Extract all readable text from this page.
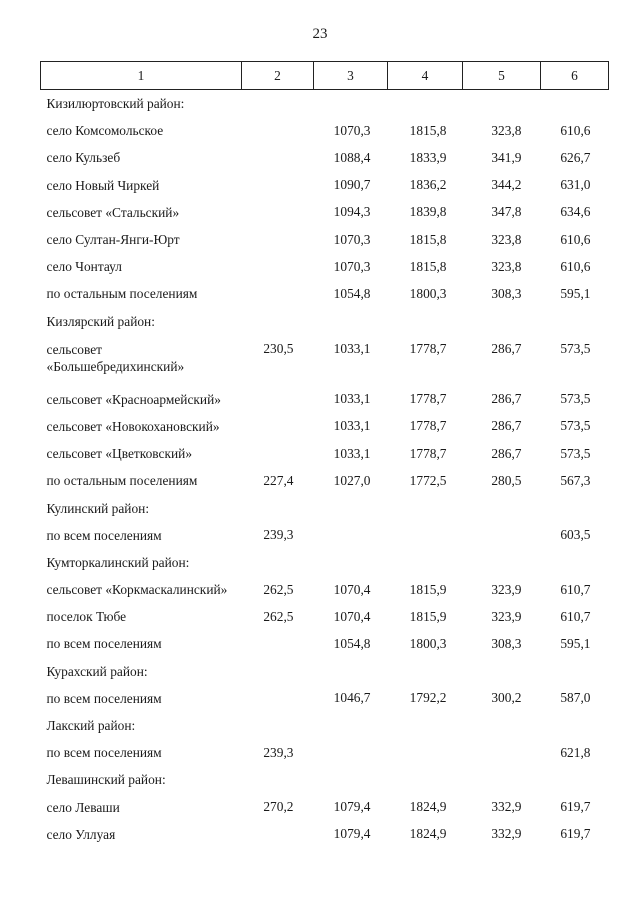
23
1	2	3	4	5	6
Кизилюртовский район:					
село Комсомольское		1070,3	1815,8	323,8	610,6
село Кульзеб		1088,4	1833,9	341,9	626,7
село Новый Чиркей		1090,7	1836,2	344,2	631,0
сельсовет «Стальский»		1094,3	1839,8	347,8	634,6
село Султан-Янги-Юрт		1070,3	1815,8	323,8	610,6
село Чонтаул		1070,3	1815,8	323,8	610,6
по остальным поселениям		1054,8	1800,3	308,3	595,1
Кизлярский район:					
сельсовет «Большебредихинский»	230,5	1033,1	1778,7	286,7	573,5
сельсовет «Красноармейский»		1033,1	1778,7	286,7	573,5
сельсовет «Новокохановский»		1033,1	1778,7	286,7	573,5
сельсовет «Цветковский»		1033,1	1778,7	286,7	573,5
по остальным поселениям	227,4	1027,0	1772,5	280,5	567,3
Кулинский район:					
по всем поселениям	239,3				603,5
Кумторкалинский район:					
сельсовет «Коркмаскалинский»	262,5	1070,4	1815,9	323,9	610,7
поселок Тюбе	262,5	1070,4	1815,9	323,9	610,7
по всем поселениям		1054,8	1800,3	308,3	595,1
Курахский район:					
по всем поселениям		1046,7	1792,2	300,2	587,0
Лакский район:					
по всем поселениям	239,3				621,8
Левашинский район:					
село Леваши	270,2	1079,4	1824,9	332,9	619,7
село Уллуая		1079,4	1824,9	332,9	619,7
